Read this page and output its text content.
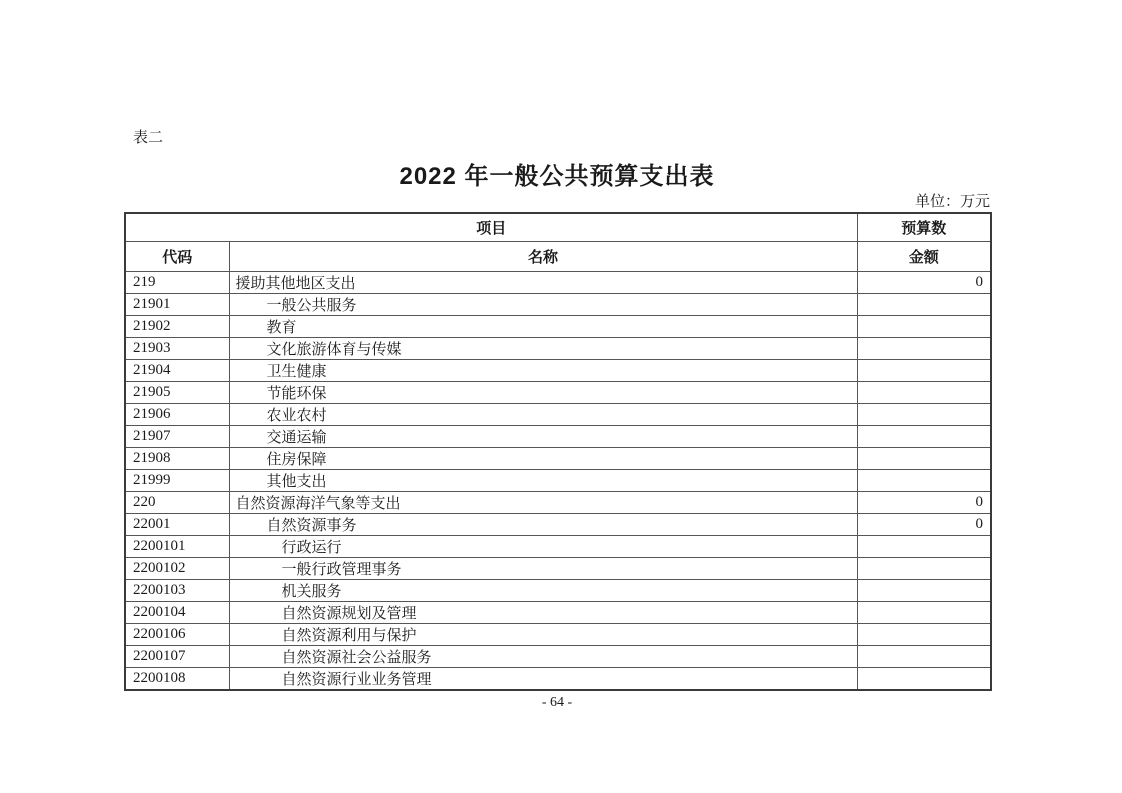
表二
2022 年一般公共预算支出表
单位：万元
项目		预算数
代码	名称	金额
219	援助其他地区支出	0
21901	一般公共服务	
21902	教育	
21903	文化旅游体育与传媒	
21904	卫生健康	
21905	节能环保	
21906	农业农村	
21907	交通运输	
21908	住房保障	
21999	其他支出	
220	自然资源海洋气象等支出	0
22001	自然资源事务	0
2200101	行政运行	
2200102	一般行政管理事务	
2200103	机关服务	
2200104	自然资源规划及管理	
2200106	自然资源利用与保护	
2200107	自然资源社会公益服务	
2200108	自然资源行业业务管理	
- 64 -
